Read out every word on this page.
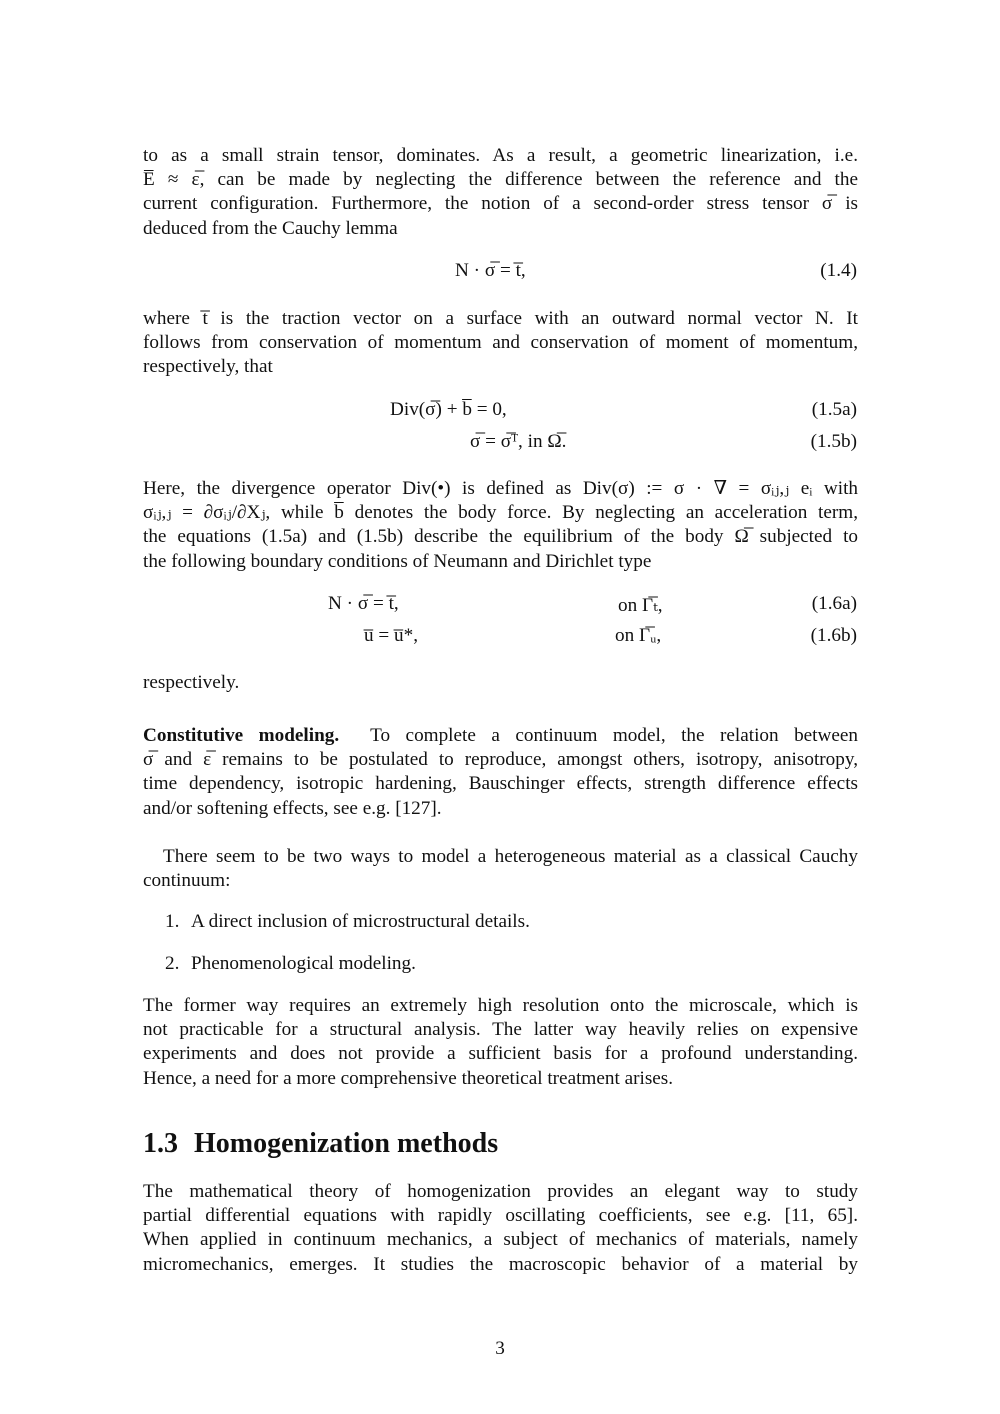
to as a small strain tensor, dominates. As a result, a geometric linearization, i.e.
E̅ ≈ ε̅, can be made by neglecting the difference between the reference and the
current configuration. Furthermore, the notion of a second-order stress tensor σ̅ is
deduced from the Cauchy lemma
N · σ̅ = t̅,	(1.4)
where t̅ is the traction vector on a surface with an outward normal vector N. It
follows from conservation of momentum and conservation of moment of momentum,
respectively, that
Div(σ̅) + b̅ = 0,	(1.5a)
σ̅ = σ̅ᵀ, in Ω̅.	(1.5b)
Here, the divergence operator Div(•) is defined as Div(σ) := σ · ∇ = σᵢⱼ,ⱼ eᵢ with
σᵢⱼ,ⱼ = ∂σᵢⱼ/∂Xⱼ, while b̅ denotes the body force. By neglecting an acceleration term,
the equations (1.5a) and (1.5b) describe the equilibrium of the body Ω̅ subjected to
the following boundary conditions of Neumann and Dirichlet type
N · σ̅ = t̅,	on Γ̅ₜ,	(1.6a)
u̅ = u̅*,	on Γ̅ᵤ,	(1.6b)
respectively.
Constitutive modeling. To complete a continuum model, the relation between
σ̅ and ε̅ remains to be postulated to reproduce, amongst others, isotropy, anisotropy,
time dependency, isotropic hardening, Bauschinger effects, strength difference effects
and/or softening effects, see e.g. [127].
There seem to be two ways to model a heterogeneous material as a classical Cauchy
continuum:
1. A direct inclusion of microstructural details.
2. Phenomenological modeling.
The former way requires an extremely high resolution onto the microscale, which is
not practicable for a structural analysis. The latter way heavily relies on expensive
experiments and does not provide a sufficient basis for a profound understanding.
Hence, a need for a more comprehensive theoretical treatment arises.
1.3 Homogenization methods
The mathematical theory of homogenization provides an elegant way to study
partial differential equations with rapidly oscillating coefficients, see e.g. [11, 65].
When applied in continuum mechanics, a subject of mechanics of materials, namely
micromechanics, emerges. It studies the macroscopic behavior of a material by
3
